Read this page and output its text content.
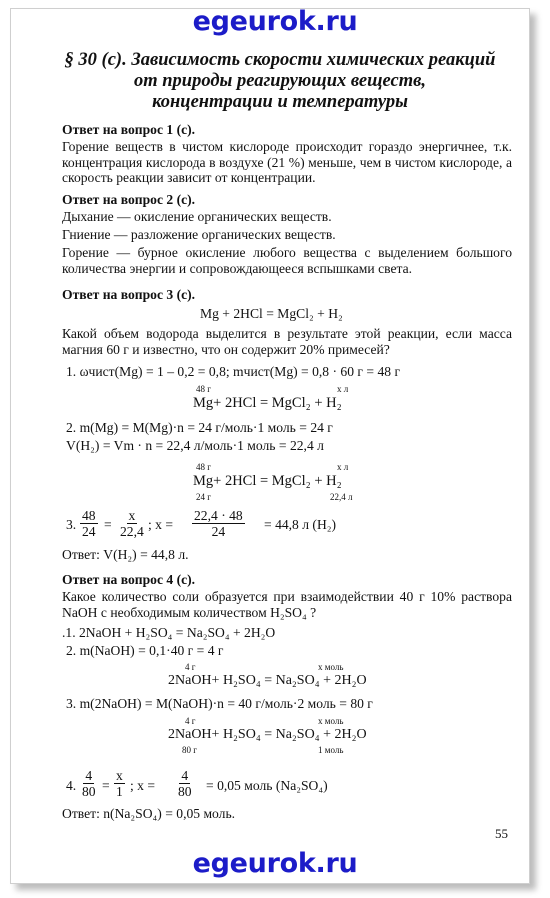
egeurok.ru
§ 30 (с). Зависимость скорости химических реакций
от природы реагирующих веществ,
концентрации и температуры
Ответ на вопрос 1 (с).
Горение веществ в чистом кислороде происходит гораздо энергичнее, т.к. концентрация кислорода в воздухе (21 %) меньше, чем в чистом кислороде, а скорость реакции зависит от концентрации.
Ответ на вопрос 2 (с).
Дыхание — окисление органических веществ.
Гниение — разложение органических веществ.
Горение — бурное окисление любого вещества с выделением большого количества энергии и сопровождающееся вспышками света.
Ответ на вопрос 3 (с).
Mg + 2HCl = MgCl₂ + H₂
Какой объем водорода выделится в результате этой реакции, если масса магния 60 г и известно, что он содержит 20% примесей?
1. ωчист(Mg) = 1 – 0,2 = 0,8; mчист(Mg) = 0,8 · 60 г = 48 г
48 г	x л
Mg+ 2HCl = MgCl₂ + H₂
2. m(Mg) = M(Mg)·n = 24 г/моль·1 моль = 24 г
V(H₂) = Vm · n = 22,4 л/моль·1 моль = 22,4 л
48 г	x л
Mg+ 2HCl = MgCl₂ + H₂
24 г	22,4 л
3. $\frac{48}{24} = \frac{x}{22,4}$ ; $x = \frac{22,4 \cdot 48}{24} = 44,8$ л (H₂)
Ответ: V(H₂) = 44,8 л.
Ответ на вопрос 4 (с).
Какое количество соли образуется при взаимодействии 40 г 10% раствора NaOH с необходимым количеством H₂SO₄ ?
.1. 2NaOH + H₂SO₄ = Na₂SO₄ + 2H₂O
2. m(NaOH) = 0,1·40 г = 4 г
4 г	x моль
2NaOH+ H₂SO₄ = Na₂SO₄ + 2H₂O
3. m(2NaOH) = M(NaOH)·n = 40 г/моль·2 моль = 80 г
4 г	x моль
2NaOH+ H₂SO₄ = Na₂SO₄ + 2H₂O
80 г	1 моль
4. $\frac{4}{80} = \frac{x}{1}$ ; $x = \frac{4}{80} = 0,05$ моль (Na₂SO₄)
Ответ: n(Na₂SO₄) = 0,05 моль.
55
egeurok.ru
